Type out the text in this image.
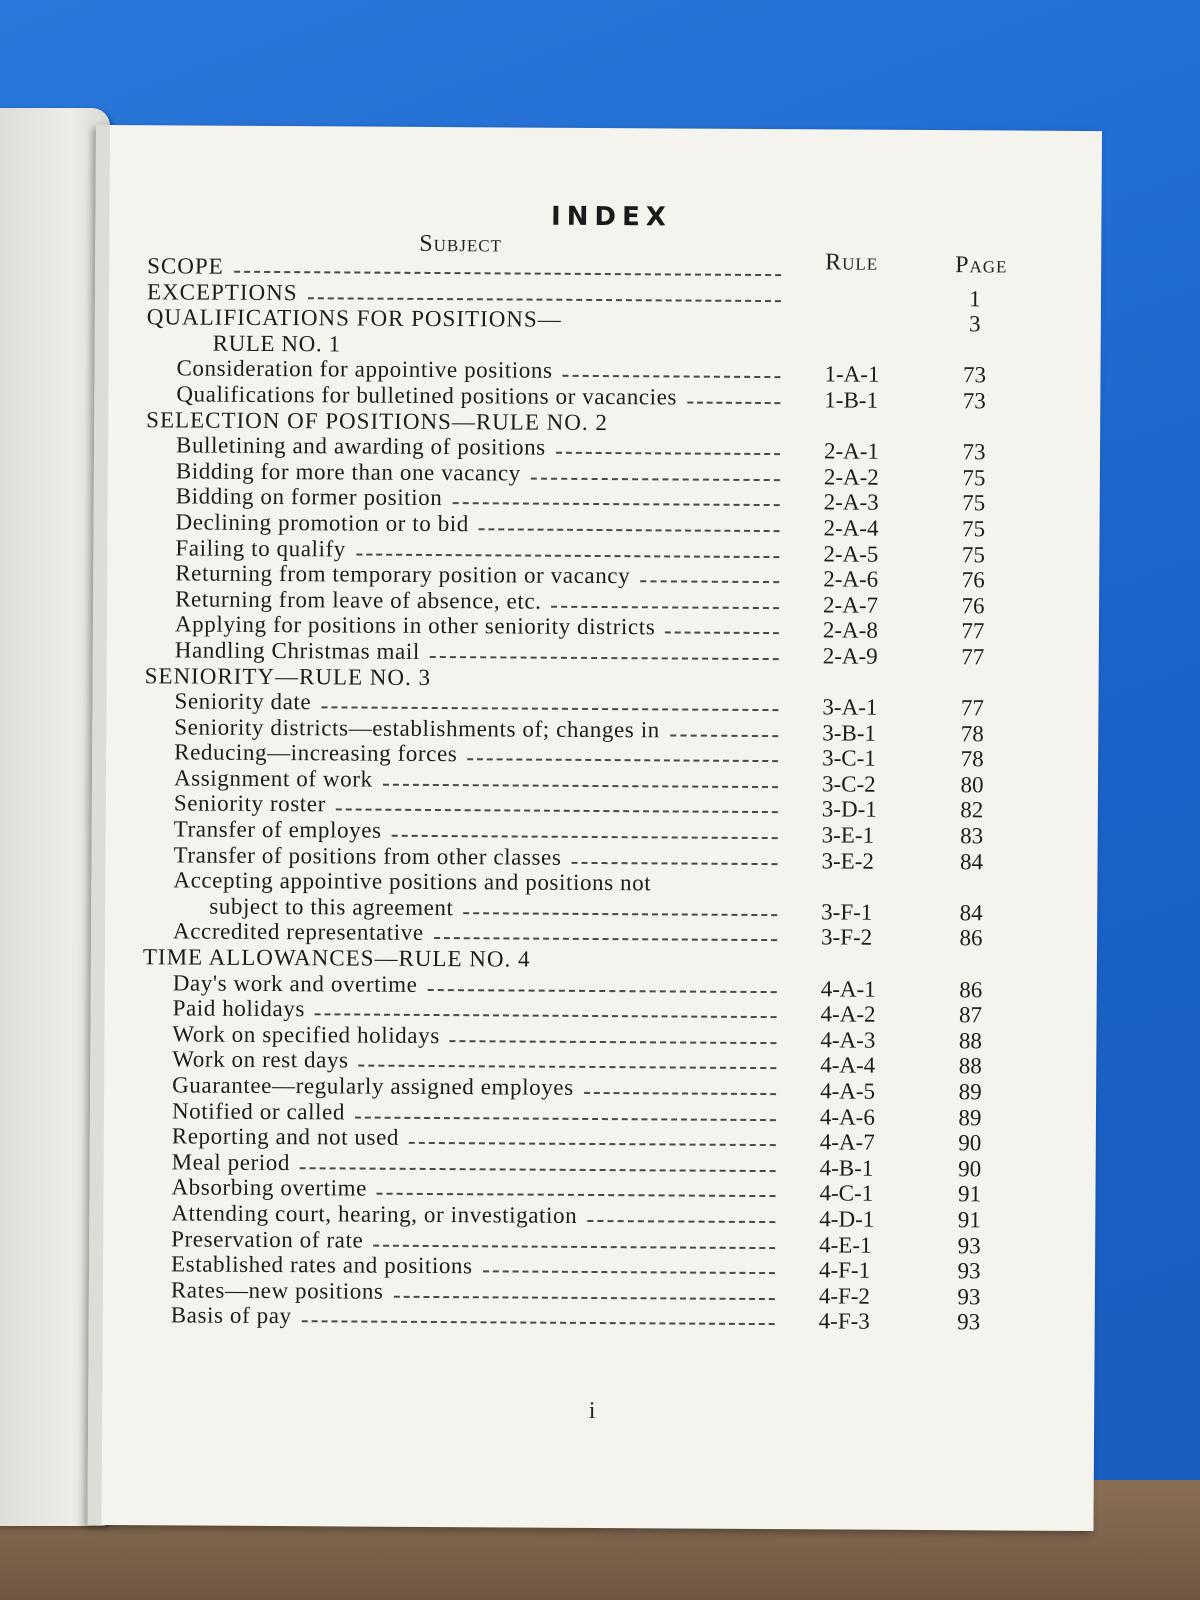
INDEX
Subject
Rule	Page
SCOPE
EXCEPTIONS	1
QUALIFICATIONS FOR POSITIONS—	3
RULE NO. 1
Consideration for appointive positions	1-A-1	73
Qualifications for bulletined positions or vacancies	1-B-1	73
SELECTION OF POSITIONS—RULE NO. 2
Bulletining and awarding of positions	2-A-1	73
Bidding for more than one vacancy	2-A-2	75
Bidding on former position	2-A-3	75
Declining promotion or to bid	2-A-4	75
Failing to qualify	2-A-5	75
Returning from temporary position or vacancy	2-A-6	76
Returning from leave of absence, etc.	2-A-7	76
Applying for positions in other seniority districts	2-A-8	77
Handling Christmas mail	2-A-9	77
SENIORITY—RULE NO. 3
Seniority date	3-A-1	77
Seniority districts—establishments of; changes in	3-B-1	78
Reducing—increasing forces	3-C-1	78
Assignment of work	3-C-2	80
Seniority roster	3-D-1	82
Transfer of employes	3-E-1	83
Transfer of positions from other classes	3-E-2	84
Accepting appointive positions and positions not
subject to this agreement	3-F-1	84
Accredited representative	3-F-2	86
TIME ALLOWANCES—RULE NO. 4
Day's work and overtime	4-A-1	86
Paid holidays	4-A-2	87
Work on specified holidays	4-A-3	88
Work on rest days	4-A-4	88
Guarantee—regularly assigned employes	4-A-5	89
Notified or called	4-A-6	89
Reporting and not used	4-A-7	90
Meal period	4-B-1	90
Absorbing overtime	4-C-1	91
Attending court, hearing, or investigation	4-D-1	91
Preservation of rate	4-E-1	93
Established rates and positions	4-F-1	93
Rates—new positions	4-F-2	93
Basis of pay	4-F-3	93
i
